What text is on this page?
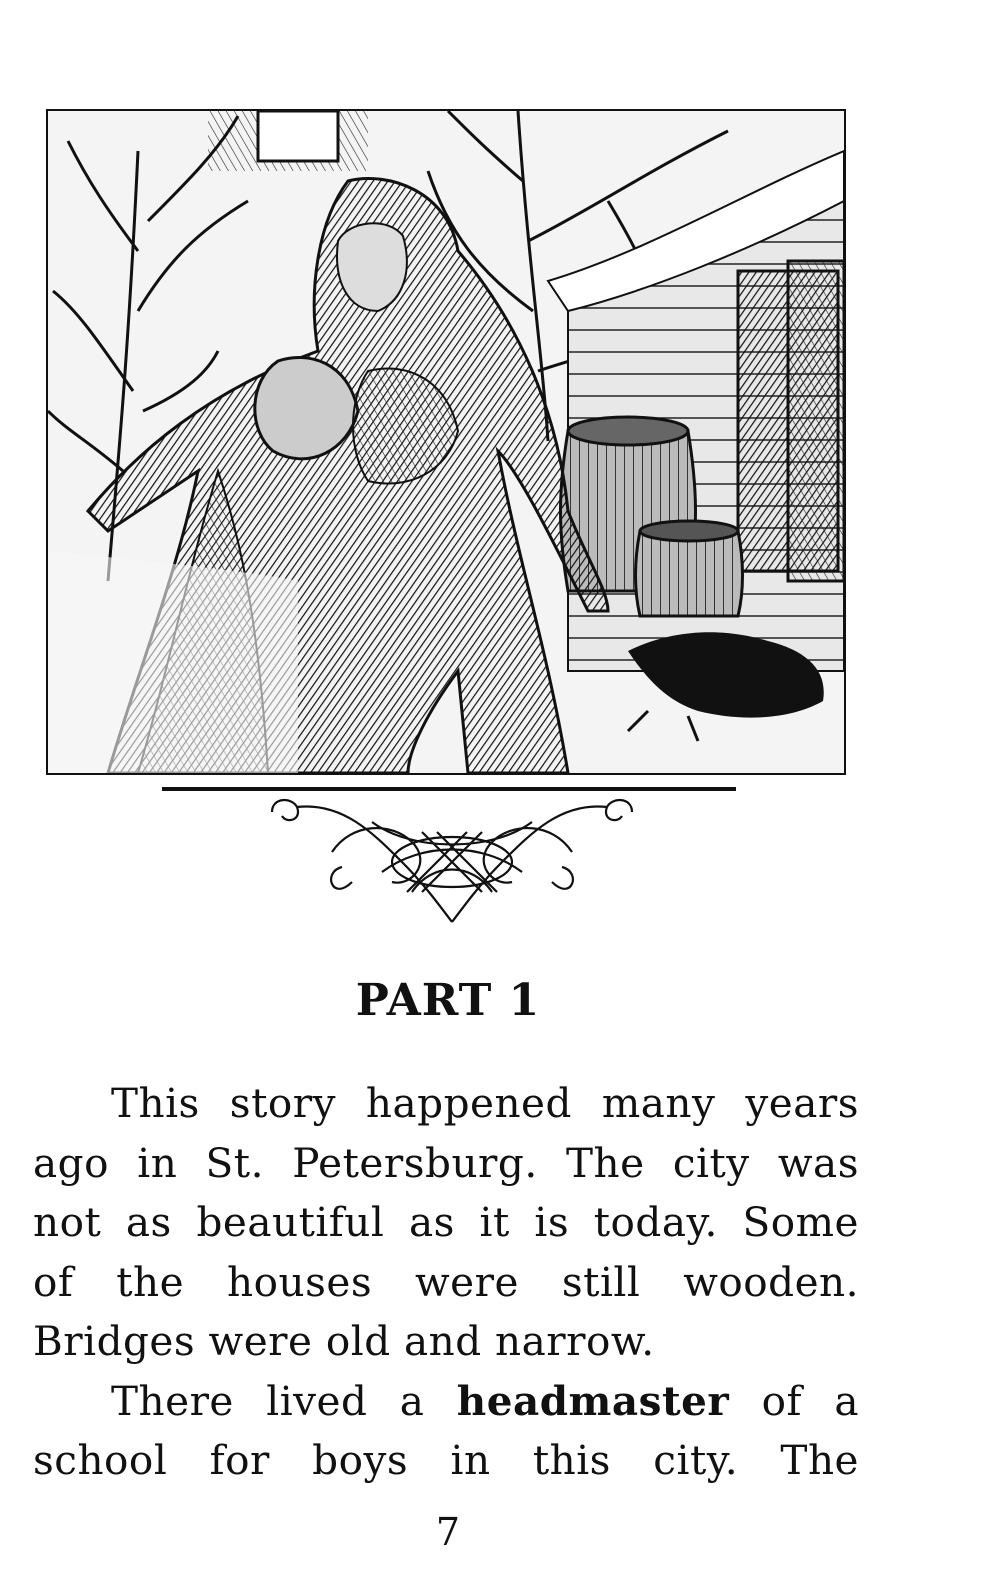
PART 1

This story happened many years
ago in St. Petersburg. The city was
not as beautiful as it is today. Some
of the houses were still wooden.
Bridges were old and narrow.

There lived a headmaster of a
school for boys in this city. The

7
